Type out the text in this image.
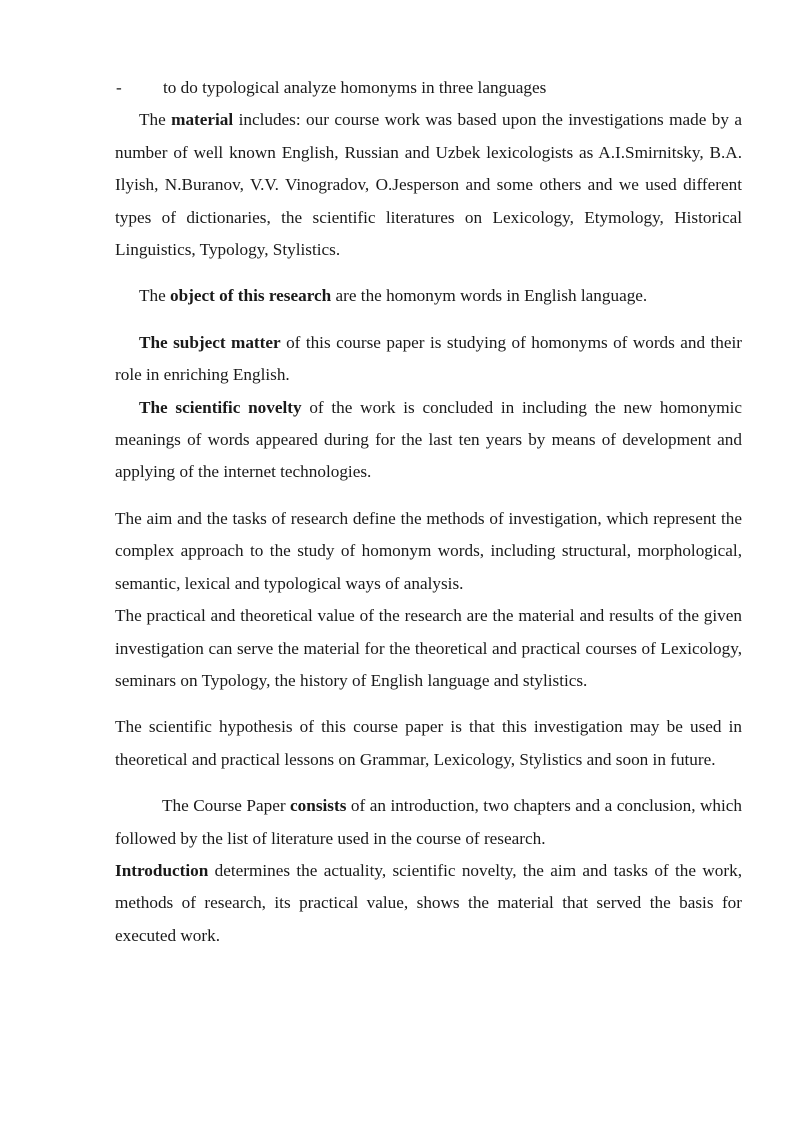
- to do typological analyze homonyms in three languages

The material includes: our course work was based upon the investigations made by a number of well known English, Russian and Uzbek lexicologists as A.I.Smirnitsky, B.A. Ilyish, N.Buranov, V.V. Vinogradov, O.Jesperson and some others and we used different types of dictionaries, the scientific literatures on Lexicology, Etymology, Historical Linguistics, Typology, Stylistics.

The object of this research are the homonym words in English language.

The subject matter of this course paper is studying of homonyms of words and their role in enriching English.

The scientific novelty of the work is concluded in including the new homonymic meanings of words appeared during for the last ten years by means of development and applying of the internet technologies.

The aim and the tasks of research define the methods of investigation, which represent the complex approach to the study of homonym words, including structural, morphological, semantic, lexical and typological ways of analysis.

The practical and theoretical value of the research are the material and results of the given investigation can serve the material for the theoretical and practical courses of Lexicology, seminars on Typology, the history of English language and stylistics.

The scientific hypothesis of this course paper is that this investigation may be used in theoretical and practical lessons on Grammar, Lexicology, Stylistics and soon in future.

The Course Paper consists of an introduction, two chapters and a conclusion, which followed by the list of literature used in the course of research.

Introduction determines the actuality, scientific novelty, the aim and tasks of the work, methods of research, its practical value, shows the material that served the basis for executed work.
